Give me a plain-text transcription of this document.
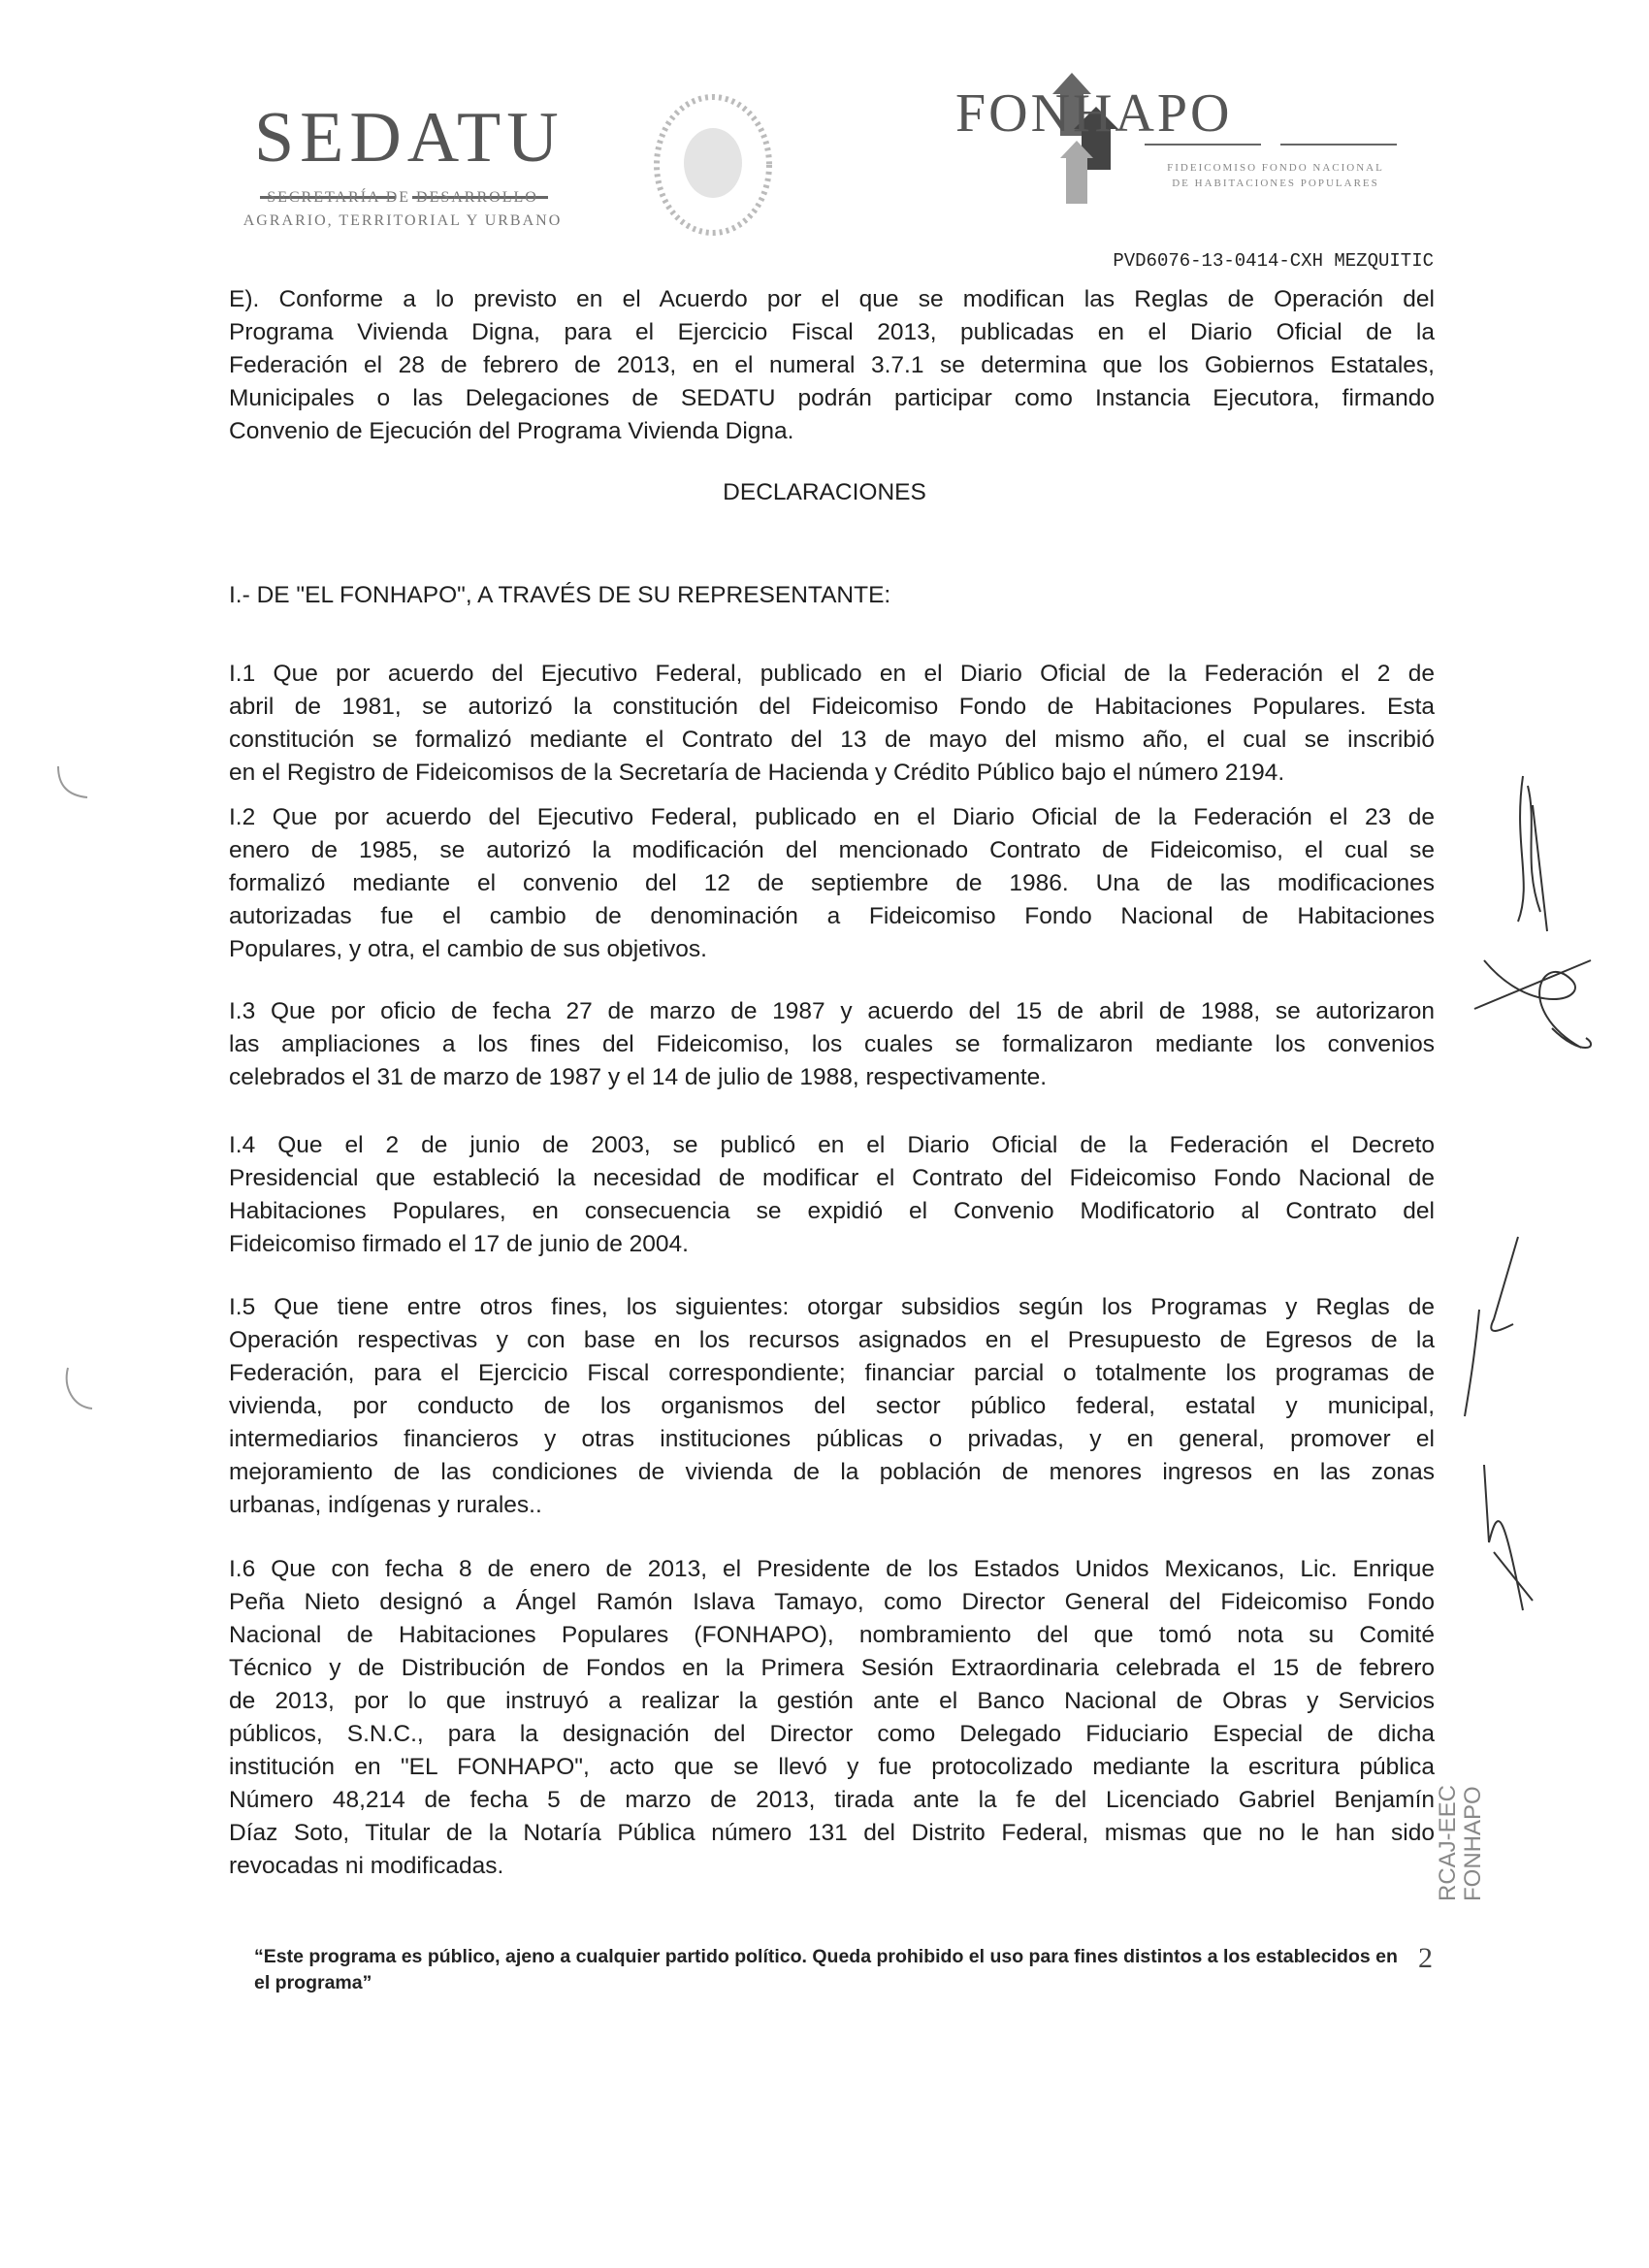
SEDATU
SECRETARÍA DE DESARROLLO
AGRARIO, TERRITORIAL Y URBANO
FONHAPO
FIDEICOMISO FONDO NACIONAL
DE HABITACIONES POPULARES
PVD6076-13-0414-CXH MEZQUITIC
E). Conforme a lo previsto en el Acuerdo por el que se modifican las Reglas de Operación del
Programa Vivienda Digna, para el Ejercicio Fiscal 2013, publicadas en el Diario Oficial de la
Federación el 28 de febrero de 2013, en el numeral 3.7.1 se determina que los Gobiernos Estatales,
Municipales o las Delegaciones de SEDATU podrán participar como Instancia Ejecutora, firmando
Convenio de Ejecución del Programa Vivienda Digna.
DECLARACIONES
I.- DE "EL FONHAPO", A TRAVÉS DE SU REPRESENTANTE:
I.1 Que por acuerdo del Ejecutivo Federal, publicado en el Diario Oficial de la Federación el 2 de
abril de 1981, se autorizó la constitución del Fideicomiso Fondo de Habitaciones Populares. Esta
constitución se formalizó mediante el Contrato del 13 de mayo del mismo año, el cual se inscribió
en el Registro de Fideicomisos de la Secretaría de Hacienda y Crédito Público bajo el número 2194.
I.2 Que por acuerdo del Ejecutivo Federal, publicado en el Diario Oficial de la Federación el 23 de
enero de 1985, se autorizó la modificación del mencionado Contrato de Fideicomiso, el cual se
formalizó mediante el convenio del 12 de septiembre de 1986. Una de las modificaciones
autorizadas fue el cambio de denominación a Fideicomiso Fondo Nacional de Habitaciones
Populares, y otra, el cambio de sus objetivos.
I.3 Que por oficio de fecha 27 de marzo de 1987 y acuerdo del 15 de abril de 1988, se autorizaron
las ampliaciones a los fines del Fideicomiso, los cuales se formalizaron mediante los convenios
celebrados el 31 de marzo de 1987 y el 14 de julio de 1988, respectivamente.
I.4 Que el 2 de junio de 2003, se publicó en el Diario Oficial de la Federación el Decreto
Presidencial que estableció la necesidad de modificar el Contrato del Fideicomiso Fondo Nacional de
Habitaciones Populares, en consecuencia se expidió el Convenio Modificatorio al Contrato del
Fideicomiso firmado el 17 de junio de 2004.
I.5 Que tiene entre otros fines, los siguientes: otorgar subsidios según los Programas y Reglas de
Operación respectivas y con base en los recursos asignados en el Presupuesto de Egresos de la
Federación, para el Ejercicio Fiscal correspondiente; financiar parcial o totalmente los programas de
vivienda, por conducto de los organismos del sector público federal, estatal y municipal,
intermediarios financieros y otras instituciones públicas o privadas, y en general, promover el
mejoramiento de las condiciones de vivienda de la población de menores ingresos en las zonas
urbanas, indígenas y rurales..
I.6 Que con fecha 8 de enero de 2013, el Presidente de los Estados Unidos Mexicanos, Lic. Enrique
Peña Nieto designó a Ángel Ramón Islava Tamayo, como Director General del Fideicomiso Fondo
Nacional de Habitaciones Populares (FONHAPO), nombramiento del que tomó nota su Comité
Técnico y de Distribución de Fondos en la Primera Sesión Extraordinaria celebrada el 15 de febrero
de 2013, por lo que instruyó a realizar la gestión ante el Banco Nacional de Obras y Servicios
públicos, S.N.C., para la designación del Director como Delegado Fiduciario Especial de dicha
institución en "EL FONHAPO", acto que se llevó y fue protocolizado mediante la escritura pública
Número 48,214 de fecha 5 de marzo de 2013, tirada ante la fe del Licenciado Gabriel Benjamín
Díaz Soto, Titular de la Notaría Pública número 131 del Distrito Federal, mismas que no le han sido
revocadas ni modificadas.	RCAJ-EEC FONHAPO
“Este programa es público, ajeno a cualquier partido político. Queda prohibido el uso para fines distintos a los establecidos en el programa”
2
